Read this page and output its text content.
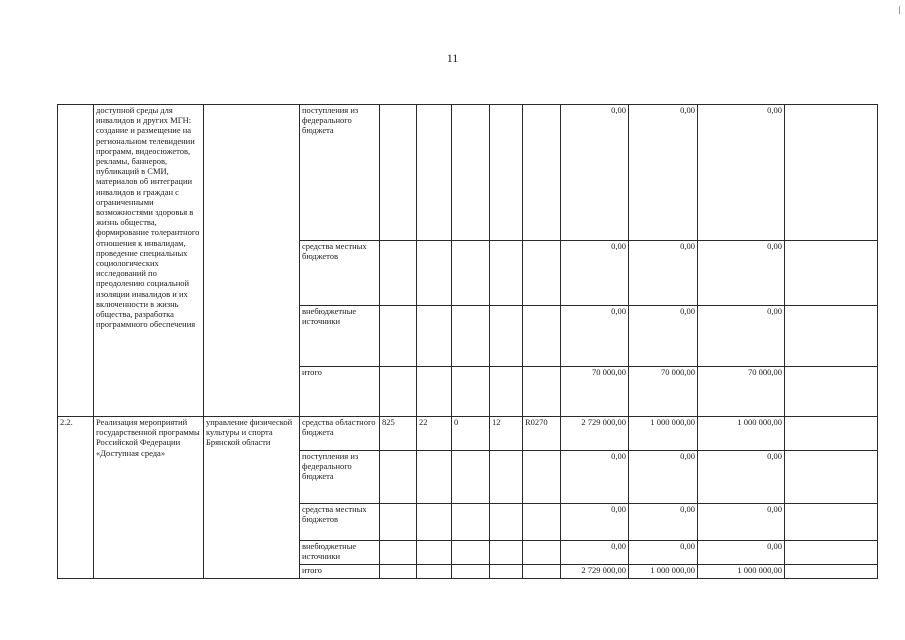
11
	доступной среды для инвалидов и других МГН: создание и размещение на региональном телевидении программ, видеосюжетов, рекламы, баннеров, публикаций в СМИ, материалов об интеграции инвалидов и граждан с ограниченными возможностями здоровья в жизнь общества, формирование толерантного отношения к инвалидам, проведение специальных социологических исследований по преодолению социальной изоляции инвалидов и их включенности в жизнь общества, разработка программного обеспечения		поступления из федерального бюджета						0,00	0,00	0,00	
			средства местных бюджетов						0,00	0,00	0,00	
			внебюджетные источники						0,00	0,00	0,00	
			итого						70 000,00	70 000,00	70 000,00	
2.2.	Реализация мероприятий государственной программы Российской Федерации «Доступная среда»	управление физической культуры и спорта Брянской области	средства областного бюджета	825	22	0	12	R0270	2 729 000,00	1 000 000,00	1 000 000,00	
			поступления из федерального бюджета						0,00	0,00	0,00	
			средства местных бюджетов						0,00	0,00	0,00	
			внебюджетные источники						0,00	0,00	0,00	
			итого						2 729 000,00	1 000 000,00	1 000 000,00	
